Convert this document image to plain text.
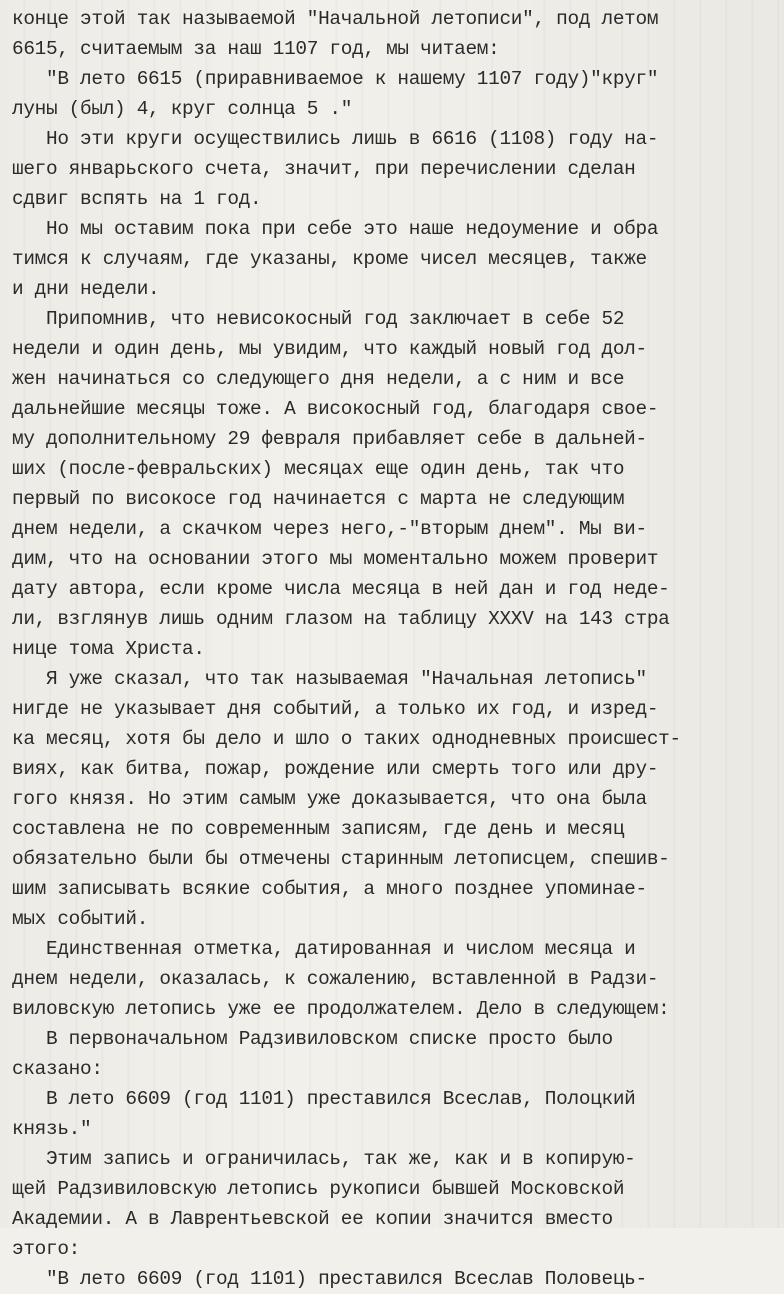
конце этой так называемой "Начальной летописи", под летом
6615, считаемым за наш 1107 год, мы читаем:
"В лето 6615 (приравниваемое к нашему 1107 году)"круг"
луны (был) 4, круг солнца 5 ."
Но эти круги осуществились лишь в 6616 (1108) году на-
шего январьского счета, значит, при перечислении сделан
сдвиг вспять на 1 год.
Но мы оставим пока при себе это наше недоумение и обра
тимся к случаям, где указаны, кроме чисел месяцев, также
и дни недели.
Припомнив, что невисокосный год заключает в себе 52
недели и один день, мы увидим, что каждый новый год дол-
жен начинаться со следующего дня недели, а с ним и все
дальнейшие месяцы тоже. А високосный год, благодаря свое-
му дополнительному 29 февраля прибавляет себе в дальней-
ших (после-февральских) месяцах еще один день, так что
первый по високосе год начинается с марта не следующим
днем недели, а скачком через него,-"вторым днем". Мы ви-
дим, что на основании этого мы моментально можем проверит
дату автора, если кроме числа месяца в ней дан и год неде-
ли, взглянув лишь одним глазом на таблицу XXXV на 143 стра
нице тома Христа.
Я уже сказал, что так называемая "Начальная летопись"
нигде не указывает дня событий, а только их год, и изред-
ка месяц, хотя бы дело и шло о таких однодневных происшест-
виях, как битва, пожар, рождение или смерть того или дру-
гого князя. Но этим самым уже доказывается, что она была
составлена не по современным записям, где день и месяц
обязательно были бы отмечены старинным летописцем, спешив-
шим записывать всякие события, а много позднее упоминае-
мых событий.
Единственная отметка, датированная и числом месяца и
днем недели, оказалась, к сожалению, вставленной в Радзи-
виловскую летопись уже ее продолжателем. Дело в следующем:
В первоначальном Радзивиловском списке просто было
сказано:
В лето 6609 (год 1101) преставился Всеслав, Полоцкий
князь."
Этим запись и ограничилась, так же, как и в копирую-
щей Радзивиловскую летопись рукописи бывшей Московской
Академии. А в Лаврентьевской ее копии значится вместо
этого:
"В лето 6609 (год 1101) преставился Всеслав Половець-
